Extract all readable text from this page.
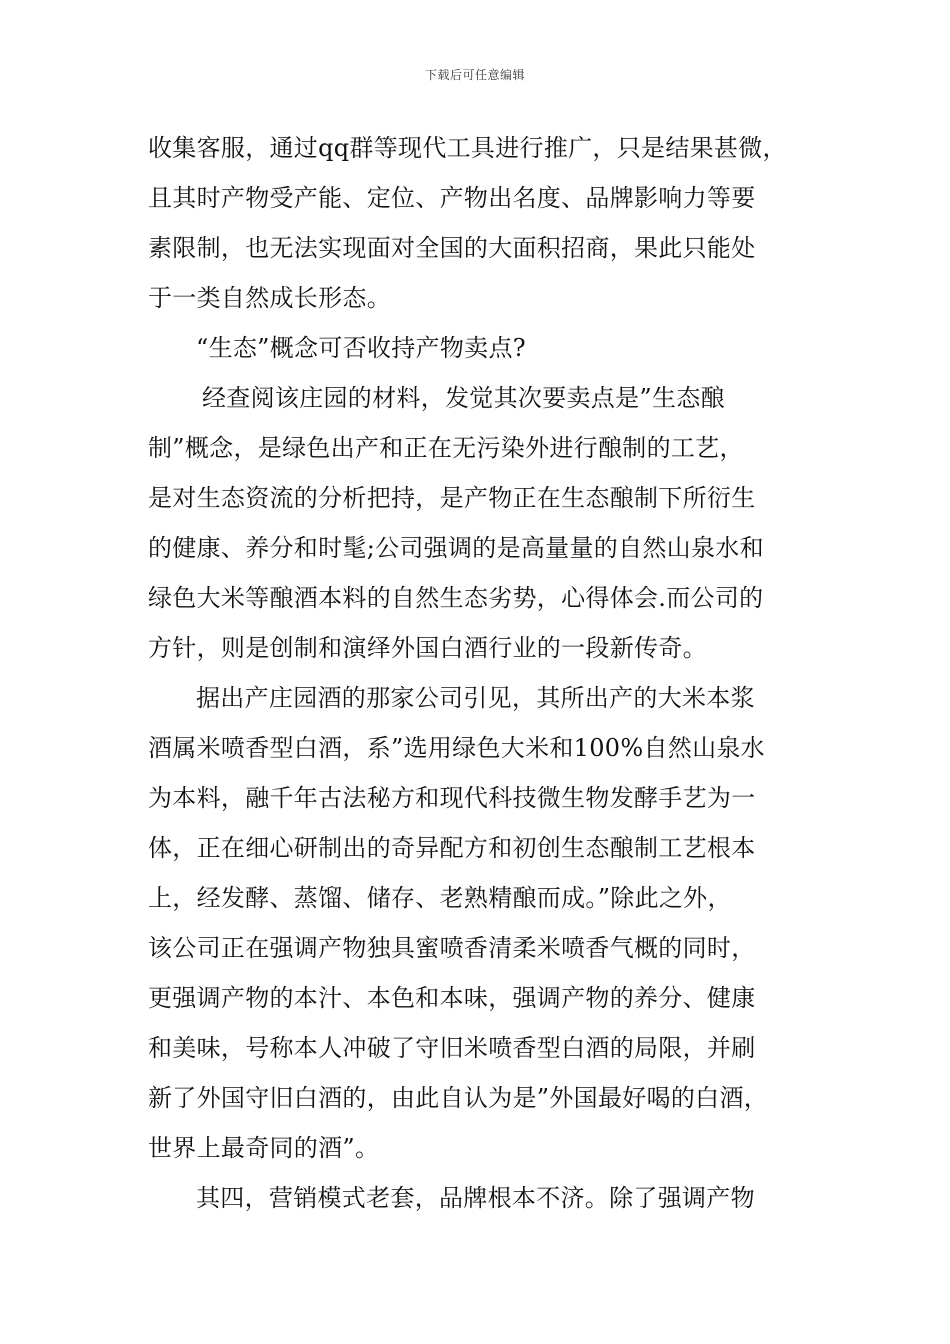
下载后可任意编辑
收集客服，通过qq群等现代工具进行推广，只是结果甚微，
且其时产物受产能、定位、产物出名度、品牌影响力等要
素限制，也无法实现面对全国的大面积招商，果此只能处
于一类自然成长形态。
“生态”概念可否收持产物卖点?
经查阅该庄园的材料，发觉其次要卖点是”生态酿
制”概念，是绿色出产和正在无污染外进行酿制的工艺，
是对生态资流的分析把持，是产物正在生态酿制下所衍生
的健康、养分和时髦;公司强调的是高量量的自然山泉水和
绿色大米等酿酒本料的自然生态劣势，心得体会.而公司的
方针，则是创制和演绎外国白酒行业的一段新传奇。
据出产庄园酒的那家公司引见，其所出产的大米本浆
酒属米喷香型白酒，系”选用绿色大米和100%自然山泉水
为本料，融千年古法秘方和现代科技微生物发酵手艺为一
体，正在细心研制出的奇异配方和初创生态酿制工艺根本
上，经发酵、蒸馏、储存、老熟精酿而成。”除此之外，
该公司正在强调产物独具蜜喷香清柔米喷香气概的同时，
更强调产物的本汁、本色和本味，强调产物的养分、健康
和美味，号称本人冲破了守旧米喷香型白酒的局限，并刷
新了外国守旧白酒的，由此自认为是”外国最好喝的白酒，
世界上最奇同的酒”。
其四，营销模式老套，品牌根本不济。除了强调产物
